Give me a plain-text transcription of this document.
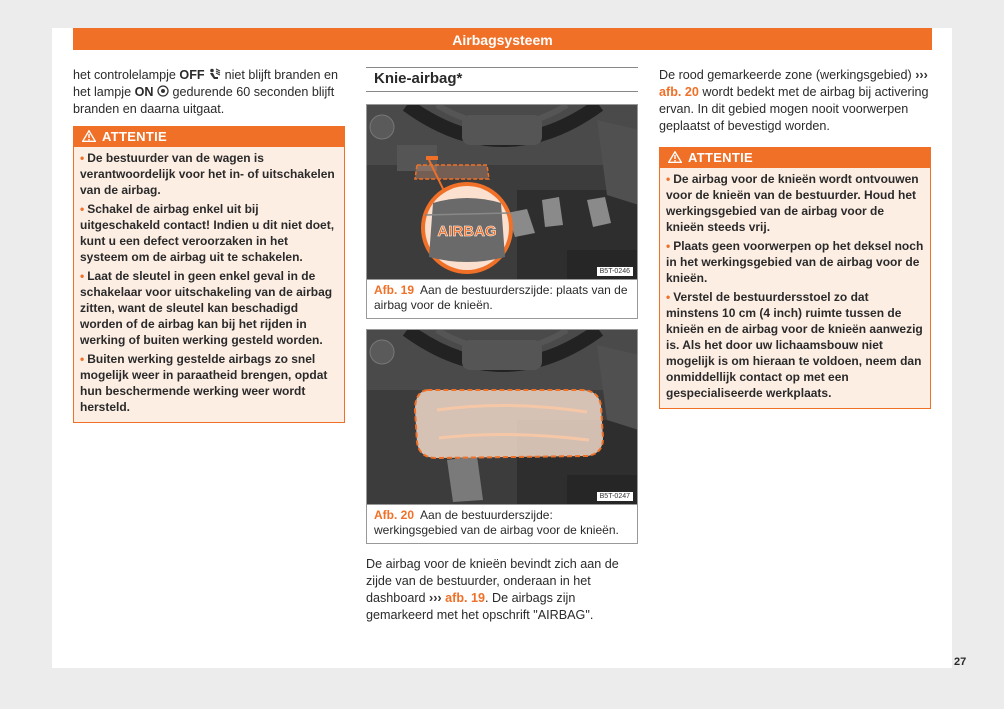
Airbagsysteem

het controlelampje OFF  niet blijft branden en het lampje ON  gedurende 60 seconden blijft branden en daarna uitgaat.

ATTENTIE
• De bestuurder van de wagen is verantwoordelijk voor het in- of uitschakelen van de airbag.
• Schakel de airbag enkel uit bij uitgeschakeld contact! Indien u dit niet doet, kunt u een defect veroorzaken in het systeem om de airbag uit te schakelen.
• Laat de sleutel in geen enkel geval in de schakelaar voor uitschakeling van de airbag zitten, want de sleutel kan beschadigd worden of de airbag kan bij het rijden in werking of buiten werking gesteld worden.
• Buiten werking gestelde airbags zo snel mogelijk weer in paraatheid brengen, opdat hun beschermende werking weer wordt hersteld.
Knie-airbag*
AIRBAG
B5T-0246
Afb. 19 Aan de bestuurderszijde: plaats van de airbag voor de knieën.
B5T-0247
Afb. 20 Aan de bestuurderszijde: werkingsgebied van de airbag voor de knieën.

De airbag voor de knieën bevindt zich aan de zijde van de bestuurder, onderaan in het dashboard ››› afb. 19. De airbags zijn gemarkeerd met het opschrift "AIRBAG".

De rood gemarkeerde zone (werkingsgebied) ››› afb. 20 wordt bedekt met de airbag bij activering ervan. In dit gebied mogen nooit voorwerpen geplaatst of bevestigd worden.

ATTENTIE
• De airbag voor de knieën wordt ontvouwen voor de knieën van de bestuurder. Houd het werkingsgebied van de airbag voor de knieën steeds vrij.
• Plaats geen voorwerpen op het deksel noch in het werkingsgebied van de airbag voor de knieën.
• Verstel de bestuurdersstoel zo dat minstens 10 cm (4 inch) ruimte tussen de knieën en de airbag voor de knieën aanwezig is. Als het door uw lichaamsbouw niet mogelijk is om hieraan te voldoen, neem dan onmiddellijk contact op met een gespecialiseerde werkplaats.
27
